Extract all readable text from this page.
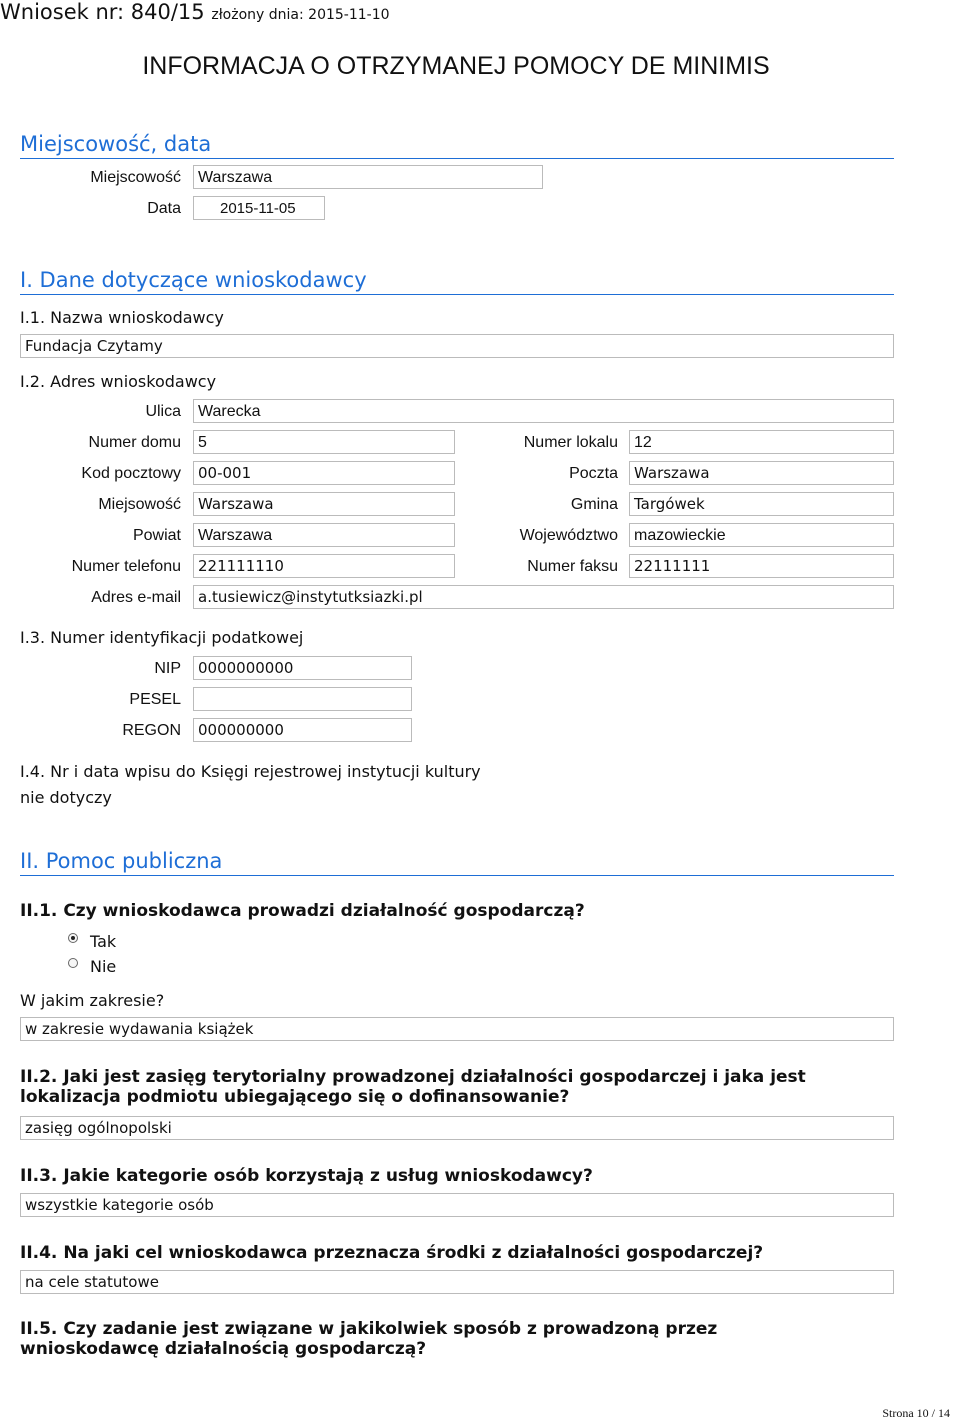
Wniosek nr: 840/15 złożony dnia: 2015-11-10
INFORMACJA O OTRZYMANEJ POMOCY DE MINIMIS
Miejscowość, data
Miejscowość	Warszawa
Data	2015-11-05
I. Dane dotyczące wnioskodawcy
I.1. Nazwa wnioskodawcy
Fundacja Czytamy
I.2. Adres wnioskodawcy
Ulica	Warecka
Numer domu	5	Numer lokalu	12
Kod pocztowy	00-001	Poczta	Warszawa
Miejsowość	Warszawa	Gmina	Targówek
Powiat	Warszawa	Województwo	mazowieckie
Numer telefonu	221111110	Numer faksu	22111111
Adres e-mail	a.tusiewicz@instytutksiazki.pl
I.3. Numer identyfikacji podatkowej
NIP	0000000000
PESEL
REGON	000000000
I.4. Nr i data wpisu do Księgi rejestrowej instytucji kultury
nie dotyczy
II. Pomoc publiczna
II.1. Czy wnioskodawca prowadzi działalność gospodarczą?
Tak
Nie
W jakim zakresie?
w zakresie wydawania książek
II.2. Jaki jest zasięg terytorialny prowadzonej działalności gospodarczej i jaka jest
lokalizacja podmiotu ubiegającego się o dofinansowanie?
zasięg ogólnopolski
II.3. Jakie kategorie osób korzystają z usług wnioskodawcy?
wszystkie kategorie osób
II.4. Na jaki cel wnioskodawca przeznacza środki z działalności gospodarczej?
na cele statutowe
II.5. Czy zadanie jest związane w jakikolwiek sposób z prowadzoną przez
wnioskodawcę działalnością gospodarczą?
Strona 10 / 14
